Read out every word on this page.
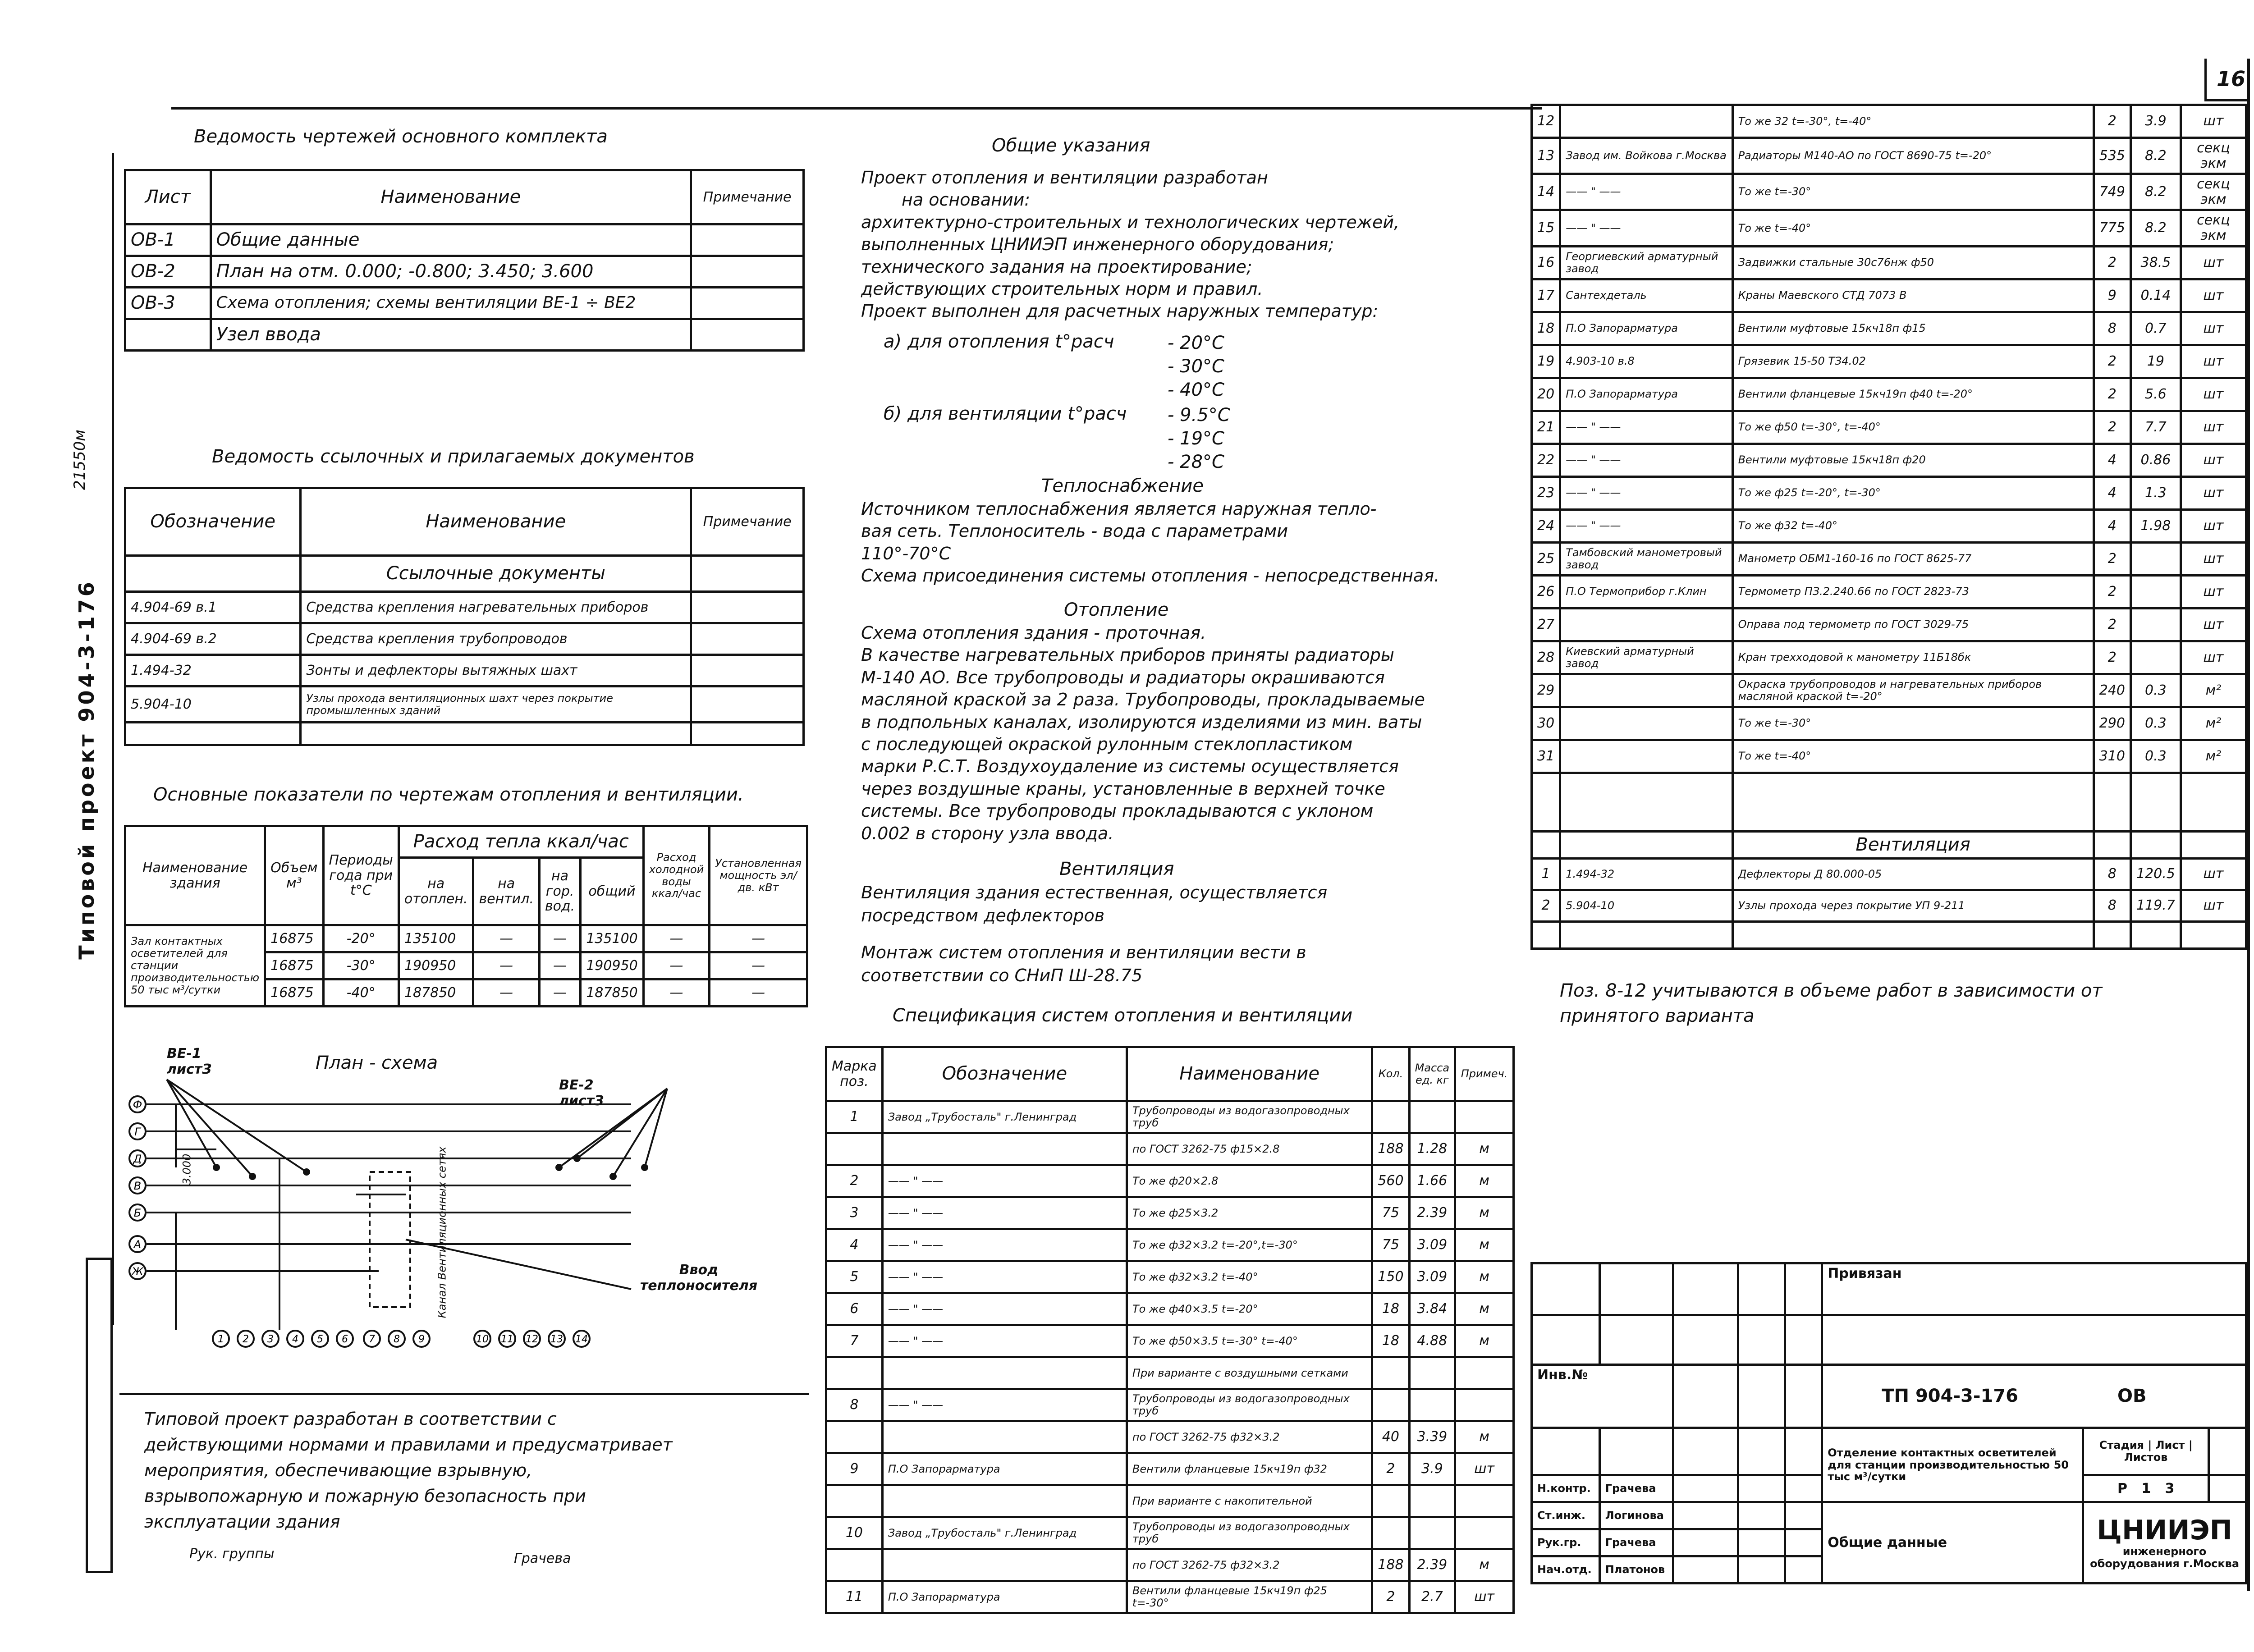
16
Типовой проект 904-3-176
21550м
Ведомость чертежей основного комплекта
Лист	Наименование	Примечание
ОВ-1	Общие данные	
ОВ-2	План на отм. 0.000; -0.800; 3.450; 3.600	
ОВ-3	Схема отопления; схемы вентиляции ВЕ-1 ÷ ВЕ2	
	Узел ввода	
Ведомость ссылочных и прилагаемых документов
Обозначение	Наименование	Примечание
	Ссылочные документы	
4.904-69 в.1	Средства крепления нагревательных приборов	
4.904-69 в.2	Средства крепления трубопроводов	
1.494-32	Зонты и дефлекторы вытяжных шахт	
5.904-10	Узлы прохода вентиляционных шахт через покрытие промышленных зданий	

Основные показатели по чертежам отопления и вентиляции.
Наименование здания	Объем м³	Периоды года при t°С	Расход тепла ккал/час				Расход холодной воды ккал/час	Установленная мощность эл/дв. кВт
			на отоплен.	на вентил.	на гор. вод.	общий		
Зал контактных осветителей для станции производительностью 50 тыс м³/сутки	16875	-20°	135100	—	—	135100	—	—
	16875	-30°	190950	—	—	190950	—	—
	16875	-40°	187850	—	—	187850	—	—
План - схема
ВЕ-1 листЗ
ВЕ-2 листЗ
Ввод теплоносителя
Канал Вентиляционных сетях
3.000
Ф
Г
Д
В
Б
А
Ж
1 2 3 4 5 6 7 8 9	10 11 12 13 14
Типовой проект разработан в соответствии с действующими нормами и правилами и предусматривает мероприятия, обеспечивающие взрывную, взрывопожарную и пожарную безопасность при эксплуатации здания
Рук. группы	Грачева
Общие указания
Проект отопления и вентиляции разработан
на основании:
архитектурно-строительных и технологических чертежей,
выполненных ЦНИИЭП инженерного оборудования;
технического задания на проектирование;
действующих строительных норм и правил.
Проект выполнен для расчетных наружных температур:
а) для отопления t°расч	- 20°С
- 30°С
- 40°С
б) для вентиляции t°расч - 9.5°С
- 19°С
- 28°С
Теплоснабжение
Источником теплоснабжения является наружная тепло-
вая сеть. Теплоноситель - вода с параметрами
110°-70°С
Схема присоединения системы отопления - непосредственная.
Отопление
Схема отопления здания - проточная.
В качестве нагревательных приборов приняты радиаторы
М-140 АО. Все трубопроводы и радиаторы окрашиваются
масляной краской за 2 раза. Трубопроводы, прокладываемые
в подпольных каналах, изолируются изделиями из мин. ваты
с последующей окраской рулонным стеклопластиком
марки Р.С.Т. Воздухоудаление из системы осуществляется
через воздушные краны, установленные в верхней точке
системы. Все трубопроводы прокладываются с уклоном
0.002 в сторону узла ввода.
Вентиляция
Вентиляция здания естественная, осуществляется
посредством дефлекторов
Монтаж систем отопления и вентиляции вести в
соответствии со СНиП Ш-28.75
Спецификация систем отопления и вентиляции
Марка поз.	Обозначение	Наименование	Кол.	Масса ед. кг	Примеч.
1	Завод „Трубосталь" г.Ленинград	Трубопроводы из водогазопроводных труб			
		по ГОСТ 3262-75 ф15×2.8	188	1.28	м
2	—— " ——	То же ф20×2.8	560	1.66	м
3	—— " ——	То же ф25×3.2	75	2.39	м
4	—— " ——	То же ф32×3.2 t=-20°,t=-30°	75	3.09	м
5	—— " ——	То же ф32×3.2 t=-40°	150	3.09	м
6	—— " ——	То же ф40×3.5 t=-20°	18	3.84	м
7	—— " ——	То же ф50×3.5 t=-30° t=-40°	18	4.88	м
		При варианте с воздушными сетками			
8	—— " ——	Трубопроводы из водогазопроводных труб			
		по ГОСТ 3262-75 ф32×3.2	40	3.39	м
9	П.О Запорарматура	Вентили фланцевые 15кч19п ф32	2	3.9	шт
		При варианте с накопительной			
10	Завод „Трубосталь" г.Ленинград	Трубопроводы из водогазопроводных труб			
		по ГОСТ 3262-75 ф32×3.2	188	2.39	м
11	П.О Запорарматура	Вентили фланцевые 15кч19п ф25 t=-30°	2	2.7	шт
12		То же 32 t=-30°, t=-40°	2	3.9	шт
13	Завод им. Войкова г.Москва	Радиаторы М140-АО по ГОСТ 8690-75 t=-20°	535	8.2	секц экм
14	—— " ——	То же t=-30°	749	8.2	секц экм
15	—— " ——	То же t=-40°	775	8.2	секц экм
16	Георгиевский арматурный завод	Задвижки стальные 30с76нж ф50	2	38.5	шт
17	Сантехдеталь	Краны Маевского СТД 7073 В	9	0.14	шт
18	П.О Запорарматура	Вентили муфтовые 15кч18п ф15	8	0.7	шт
19	4.903-10 в.8	Грязевик 15-50 ТЗ4.02	2	19	шт
20	П.О Запорарматура	Вентили фланцевые 15кч19п ф40 t=-20°	2	5.6	шт
21	—— " ——	То же ф50 t=-30°, t=-40°	2	7.7	шт
22	—— " ——	Вентили муфтовые 15кч18п ф20	4	0.86	шт
23	—— " ——	То же ф25 t=-20°, t=-30°	4	1.3	шт
24	—— " ——	То же ф32 t=-40°	4	1.98	шт
25	Тамбовский манометровый завод	Манометр ОБМ1-160-16 по ГОСТ 8625-77	2		шт
26	П.О Термоприбор г.Клин	Термометр ПЗ.2.240.66 по ГОСТ 2823-73	2		шт
27		Оправа под термометр по ГОСТ 3029-75	2		шт
28	Киевский арматурный завод	Кран трехходовой к манометру 11Б18бк	2		шт
29		Окраска трубопроводов и нагревательных приборов масляной краской t=-20°	240	0.3	м²
30		То же t=-30°	290	0.3	м²
31		То же t=-40°	310	0.3	м²

		Вентиляция			
1	1.494-32	Дефлекторы Д 80.000-05	8	120.5	шт
2	5.904-10	Узлы прохода через покрытие УП 9-211	8	119.7	шт

Поз. 8-12 учитываются в объеме работ в зависимости от принятого варианта
					Привязан		

Инв.№					ТП 904-3-176 ОВ		
					Отделение контактных осветителей для станции производительностью 50 тыс м³/сутки	Стадия | Лист | Листов	
Н.контр.	Грачева					Р 1 3	
Ст.инж.	Логинова				Общие данные	ЦНИИЭП
инженерного оборудования г.Москва	

Рук.гр.	Грачева						
Нач.отд.	Платонов						
